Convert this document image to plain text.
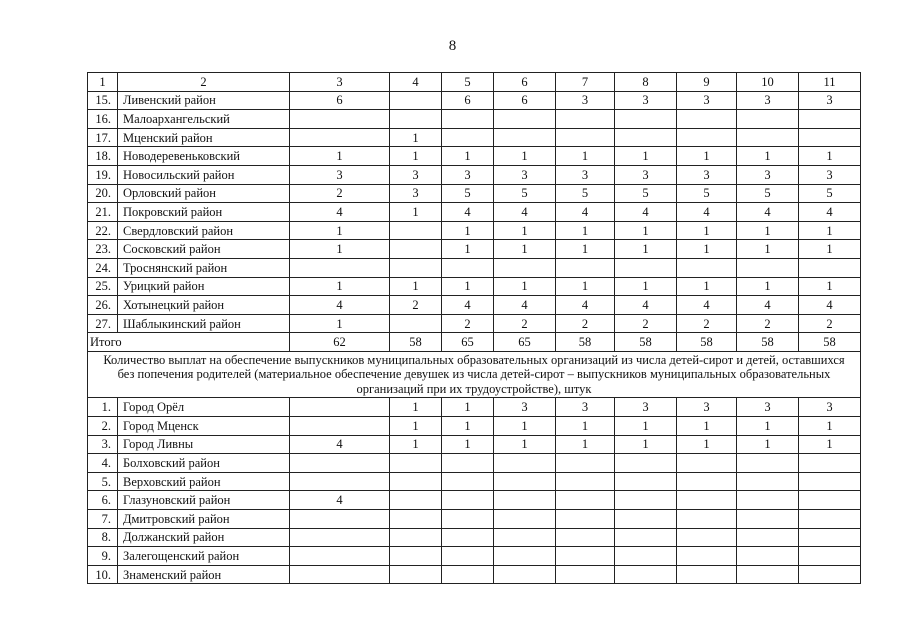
8
1	2	3	4	5	6	7	8	9	10	11
15.	Ливенский район	6		6	6	3	3	3	3	3
16.	Малоархангельский									
17.	Мценский район		1							
18.	Новодеревеньковский	1	1	1	1	1	1	1	1	1
19.	Новосильский район	3	3	3	3	3	3	3	3	3
20.	Орловский район	2	3	5	5	5	5	5	5	5
21.	Покровский район	4	1	4	4	4	4	4	4	4
22.	Свердловский район	1		1	1	1	1	1	1	1
23.	Сосковский район	1		1	1	1	1	1	1	1
24.	Троснянский район									
25.	Урицкий район	1	1	1	1	1	1	1	1	1
26.	Хотынецкий район	4	2	4	4	4	4	4	4	4
27.	Шаблыкинский район	1		2	2	2	2	2	2	2
Итого		62	58	65	65	58	58	58	58	58
Количество выплат на обеспечение выпускников муниципальных образовательных организаций из числа детей-сирот и детей, оставшихся без попечения родителей (материальное обеспечение девушек из числа детей-сирот – выпускников муниципальных образовательных организаций при их трудоустройстве), штук										
1.	Город Орёл		1	1	3	3	3	3	3	3
2.	Город Мценск		1	1	1	1	1	1	1	1
3.	Город Ливны	4	1	1	1	1	1	1	1	1
4.	Болховский район									
5.	Верховский район									
6.	Глазуновский район	4								
7.	Дмитровский район									
8.	Должанский район									
9.	Залегощенский район									
10.	Знаменский район									
